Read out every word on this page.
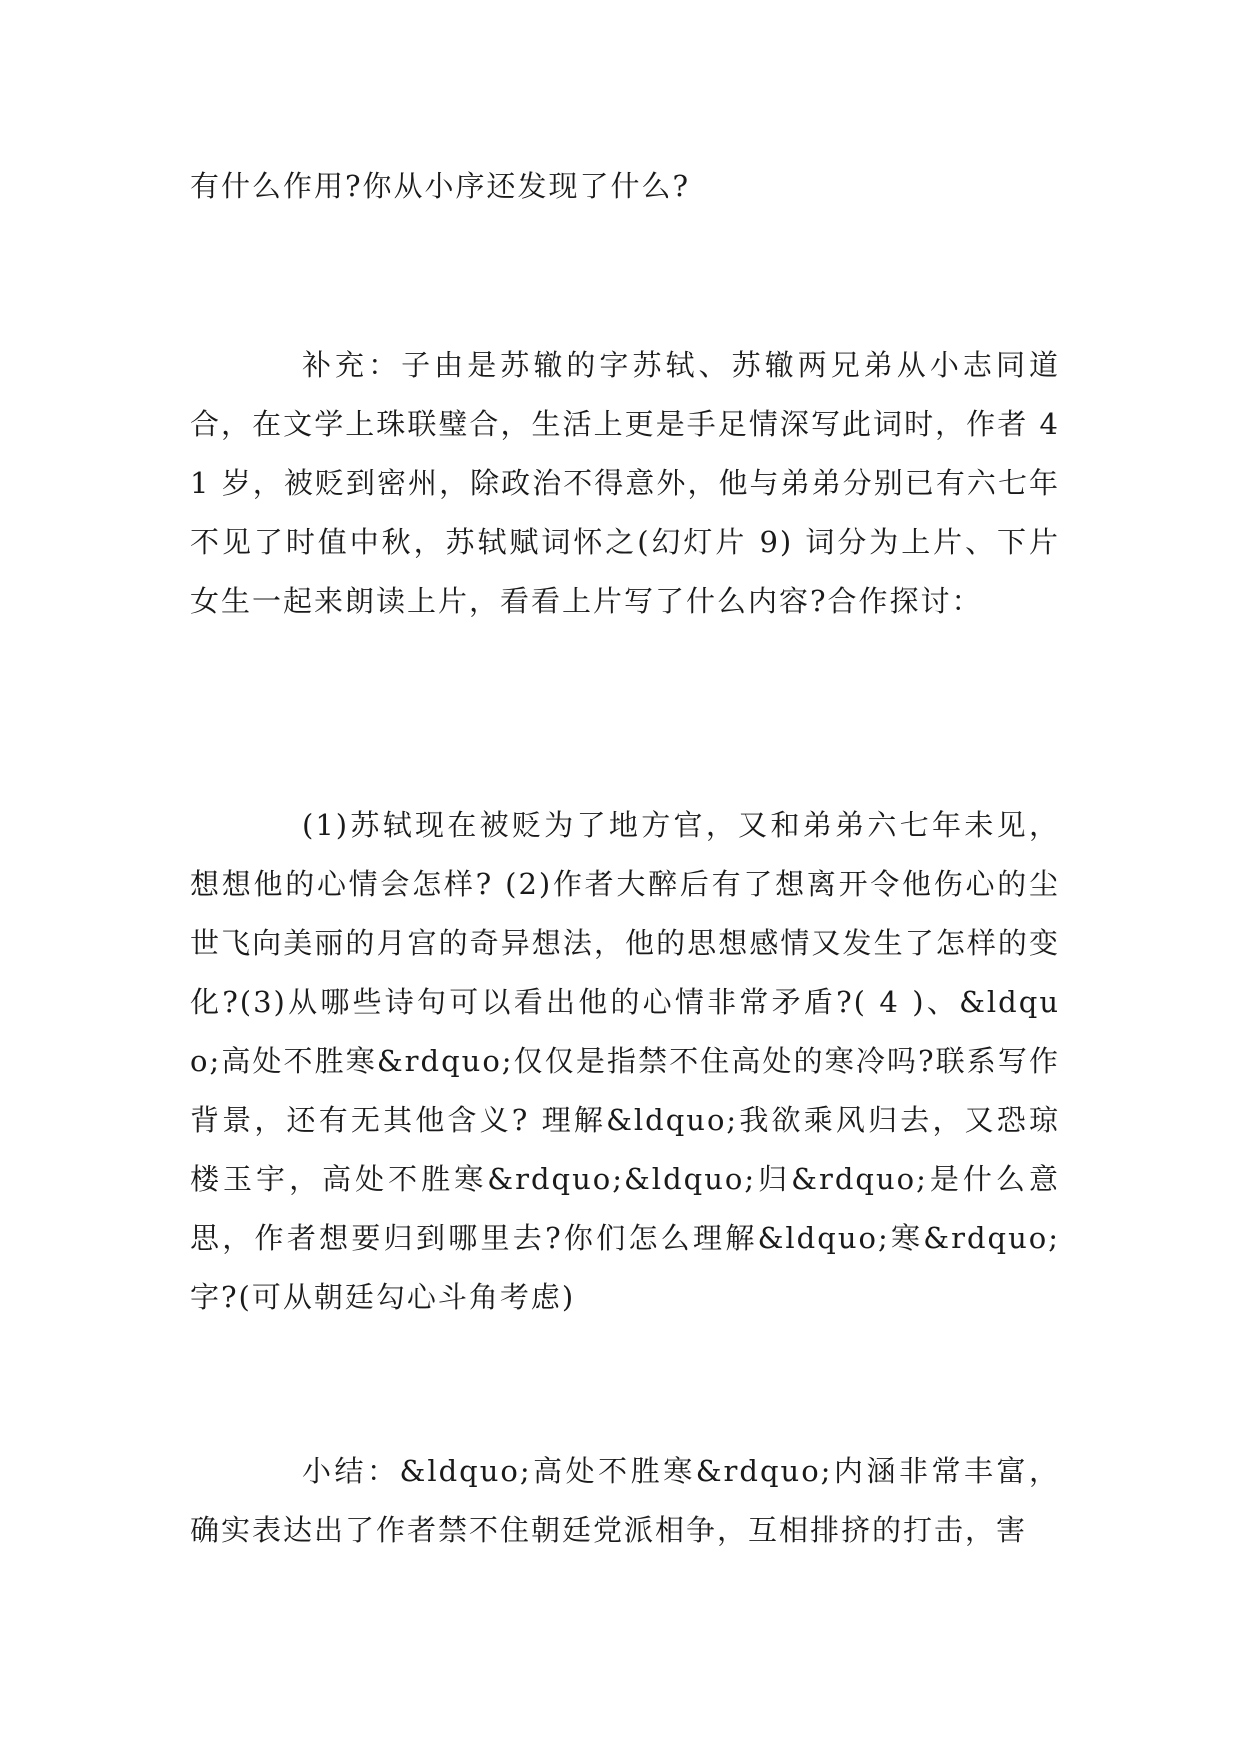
有什么作用?你从小序还发现了什么?
补充：子由是苏辙的字苏轼、苏辙两兄弟从小志同道合，在文学上珠联璧合，生活上更是手足情深写此词时，作者 41 岁，被贬到密州，除政治不得意外，他与弟弟分别已有六七年不见了时值中秋，苏轼赋词怀之(幻灯片 9) 词分为上片、下片女生一起来朗读上片，看看上片写了什么内容?合作探讨：
(1)苏轼现在被贬为了地方官，又和弟弟六七年未见，想想他的心情会怎样? (2)作者大醉后有了想离开令他伤心的尘世飞向美丽的月宫的奇异想法，他的思想感情又发生了怎样的变化?(3)从哪些诗句可以看出他的心情非常矛盾?( 4 )、&ldquo;高处不胜寒&rdquo;仅仅是指禁不住高处的寒冷吗?联系写作背景，还有无其他含义? 理解&ldquo;我欲乘风归去，又恐琼楼玉宇，高处不胜寒&rdquo;&ldquo;归&rdquo;是什么意思，作者想要归到哪里去?你们怎么理解&ldquo;寒&rdquo;字?(可从朝廷勾心斗角考虑)
小结：&ldquo;高处不胜寒&rdquo;内涵非常丰富，确实表达出了作者禁不住朝廷党派相争，互相排挤的打击，害
